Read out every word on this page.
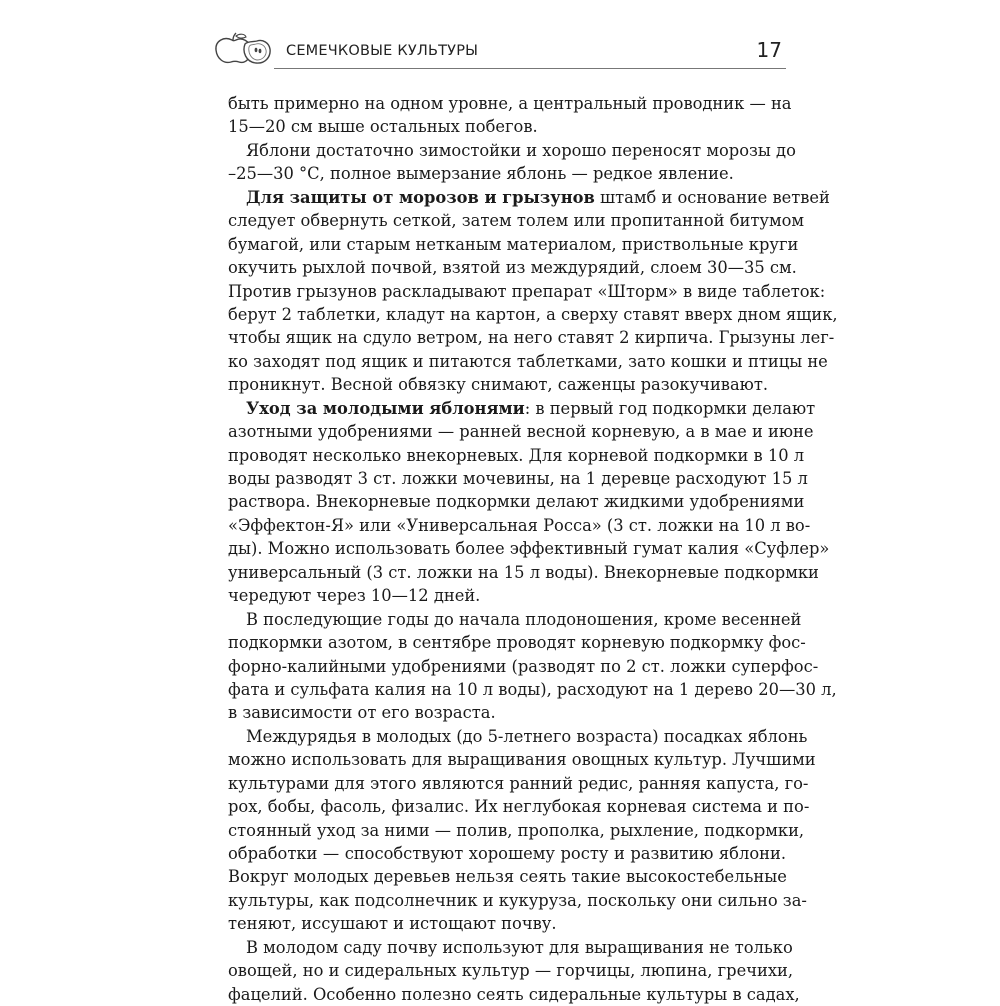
СЕМЕЧКОВЫЕ КУЛЬТУРЫ	17
быть примерно на одном уровне, а центральный проводник — на
15—20 см выше остальных побегов.
Яблони достаточно зимостойки и хорошо переносят морозы до
–25—30 °С, полное вымерзание яблонь — редкое явление.
Для защиты от морозов и грызунов штамб и основание ветвей
следует обвернуть сеткой, затем толем или пропитанной битумом
бумагой, или старым нетканым материалом, приствольные круги
окучить рыхлой почвой, взятой из междурядий, слоем 30—35 см.
Против грызунов раскладывают препарат «Шторм» в виде таблеток:
берут 2 таблетки, кладут на картон, а сверху ставят вверх дном ящик,
чтобы ящик на сдуло ветром, на него ставят 2 кирпича. Грызуны лег-
ко заходят под ящик и питаются таблетками, зато кошки и птицы не
проникнут. Весной обвязку снимают, саженцы разокучивают.
Уход за молодыми яблонями: в первый год подкормки делают
азотными удобрениями — ранней весной корневую, а в мае и июне
проводят несколько внекорневых. Для корневой подкормки в 10 л
воды разводят 3 ст. ложки мочевины, на 1 деревце расходуют 15 л
раствора. Внекорневые подкормки делают жидкими удобрениями
«Эффектон-Я» или «Универсальная Росса» (3 ст. ложки на 10 л во-
ды). Можно использовать более эффективный гумат калия «Суфлер»
универсальный (3 ст. ложки на 15 л воды). Внекорневые подкормки
чередуют через 10—12 дней.
В последующие годы до начала плодоношения, кроме весенней
подкормки азотом, в сентябре проводят корневую подкормку фос-
форно-калийными удобрениями (разводят по 2 ст. ложки суперфос-
фата и сульфата калия на 10 л воды), расходуют на 1 дерево 20—30 л,
в зависимости от его возраста.
Междурядья в молодых (до 5-летнего возраста) посадках яблонь
можно использовать для выращивания овощных культур. Лучшими
культурами для этого являются ранний редис, ранняя капуста, го-
рох, бобы, фасоль, физалис. Их неглубокая корневая система и по-
стоянный уход за ними — полив, прополка, рыхление, подкормки,
обработки — способствуют хорошему росту и развитию яблони.
Вокруг молодых деревьев нельзя сеять такие высокостебельные
культуры, как подсолнечник и кукуруза, поскольку они сильно за-
теняют, иссушают и истощают почву.
В молодом саду почву используют для выращивания не только
овощей, но и сидеральных культур — горчицы, люпина, гречихи,
фацелий. Особенно полезно сеять сидеральные культуры в садах,
